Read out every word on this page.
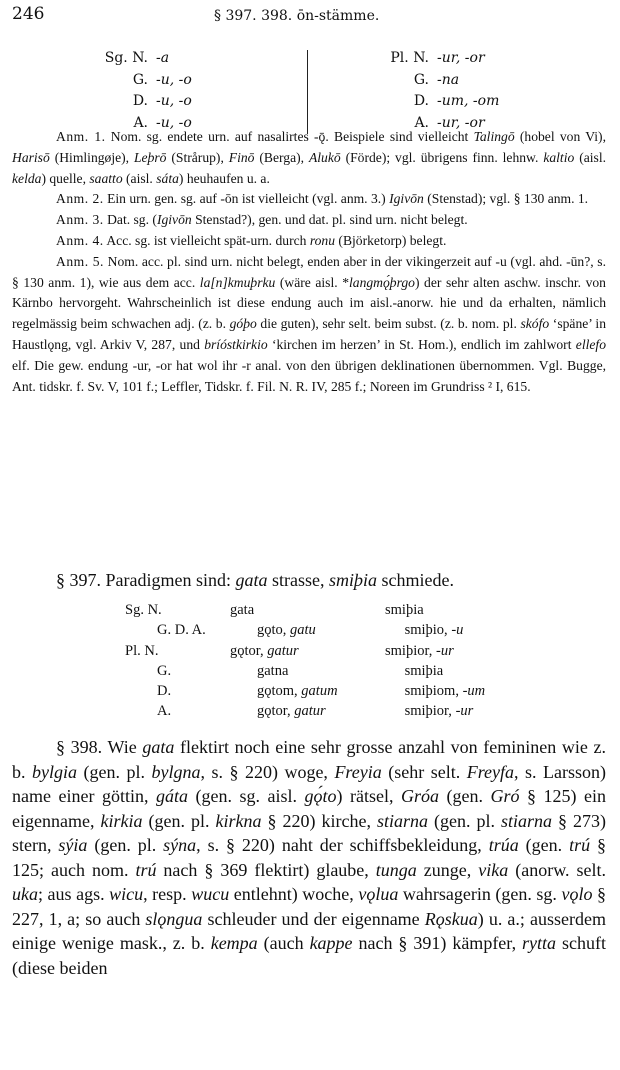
246	§ 397. 398. ōn-stämme.
Sg. N. -a
G. -u, -o
D. -u, -o
A. -u, -o
Pl. N. -ur, -or
G. -na
D. -um, -om
A. -ur, -or

Anm. 1. Nom. sg. endete urn. auf nasalirtes -ǭ. Beispiele sind vielleicht Talingō (hobel von Vi), Harisō (Himlingøje), Leþrō (Strårup), Finō (Berga), Alukō (Förde); vgl. übrigens finn. lehnw. kaltio (aisl. kelda) quelle, saatto (aisl. sáta) heuhaufen u. a.

Anm. 2. Ein urn. gen. sg. auf -ōn ist vielleicht (vgl. anm. 3.) Igivōn (Stenstad); vgl. § 130 anm. 1.

Anm. 3. Dat. sg. (Igivōn Stenstad?), gen. und dat. pl. sind urn. nicht belegt.

Anm. 4. Acc. sg. ist vielleicht spät-urn. durch ronu (Björketorp) belegt.

Anm. 5. Nom. acc. pl. sind urn. nicht belegt, enden aber in der vikingerzeit auf -u (vgl. ahd. -ūn?, s. § 130 anm. 1), wie aus dem acc. la[n]kmuþrku (wäre aisl. *langmǫ́þrgo) der sehr alten aschw. inschr. von Kärnbo hervorgeht. Wahrscheinlich ist diese endung auch im aisl.-anorw. hie und da erhalten, nämlich regelmässig beim schwachen adj. (z. b. góþo die guten), sehr selt. beim subst. (z. b. nom. pl. skófo ‘späne’ in Haustlǫng, vgl. Arkiv V, 287, und bríóstkirkio ‘kirchen im herzen’ in St. Hom.), endlich im zahlwort ellefo elf. Die gew. endung -ur, -or hat wol ihr -r anal. von den übrigen deklinationen übernommen. Vgl. Bugge, Ant. tidskr. f. Sv. V, 101 f.; Leffler, Tidskr. f. Fil. N. R. IV, 285 f.; Noreen im Grundriss ² I, 615.

§ 397. Paradigmen sind: gata strasse, smiþia schmiede.
Sg. N.	gata	smiþia
G. D. A.	gǫto, gatu	smiþio, -u
Pl. N.	gǫtor, gatur	smiþior, -ur
G.	gatna	smiþia
D.	gǫtom, gatum	smiþiom, -um
A.	gǫtor, gatur	smiþior, -ur
§ 398. Wie gata flektirt noch eine sehr grosse anzahl von femininen wie z. b. bylgia (gen. pl. bylgna, s. § 220) woge, Freyia (sehr selt. Freyfa, s. Larsson) name einer göttin, gáta (gen. sg. aisl. gǫ́to) rätsel, Gróa (gen. Gró § 125) ein eigenname, kirkia (gen. pl. kirkna § 220) kirche, stiarna (gen. pl. stiarna § 273) stern, sýia (gen. pl. sýna, s. § 220) naht der schiffsbekleidung, trúa (gen. trú § 125; auch nom. trú nach § 369 flektirt) glaube, tunga zunge, vika (anorw. selt. uka; aus ags. wicu, resp. wucu entlehnt) woche, vǫlua wahrsagerin (gen. sg. vǫlo § 227, 1, a; so auch slǫngua schleuder und der eigenname Rǫskua) u. a.; ausserdem einige wenige mask., z. b. kempa (auch kappe nach § 391) kämpfer, rytta schuft (diese beiden
